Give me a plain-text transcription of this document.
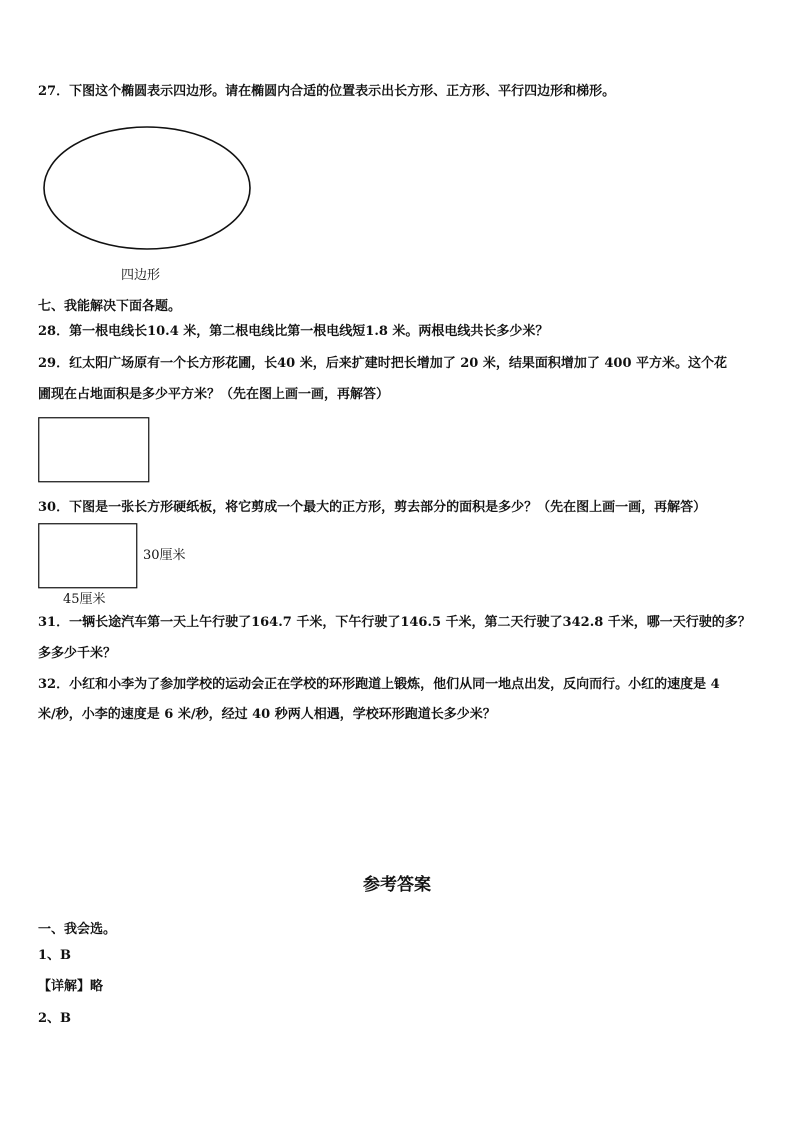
27．下图这个椭圆表示四边形。请在椭圆内合适的位置表示出长方形、正方形、平行四边形和梯形。
四边形
七、我能解决下面各题。
28．第一根电线长10.4 米，第二根电线比第一根电线短1.8 米。两根电线共长多少米？
29．红太阳广场原有一个长方形花圃，长40 米，后来扩建时把长增加了 20 米，结果面积增加了 400 平方米。这个花
圃现在占地面积是多少平方米？（先在图上画一画，再解答）
30．下图是一张长方形硬纸板，将它剪成一个最大的正方形，剪去部分的面积是多少？（先在图上画一画，再解答）
30厘米
45厘米
31．一辆长途汽车第一天上午行驶了164.7 千米，下午行驶了146.5 千米，第二天行驶了342.8 千米，哪一天行驶的多？
多多少千米？
32．小红和小李为了参加学校的运动会正在学校的环形跑道上锻炼，他们从同一地点出发，反向而行。小红的速度是 4
米/秒，小李的速度是 6 米/秒，经过 40 秒两人相遇，学校环形跑道长多少米？
参考答案
一、我会选。
1、B
【详解】略
2、B
